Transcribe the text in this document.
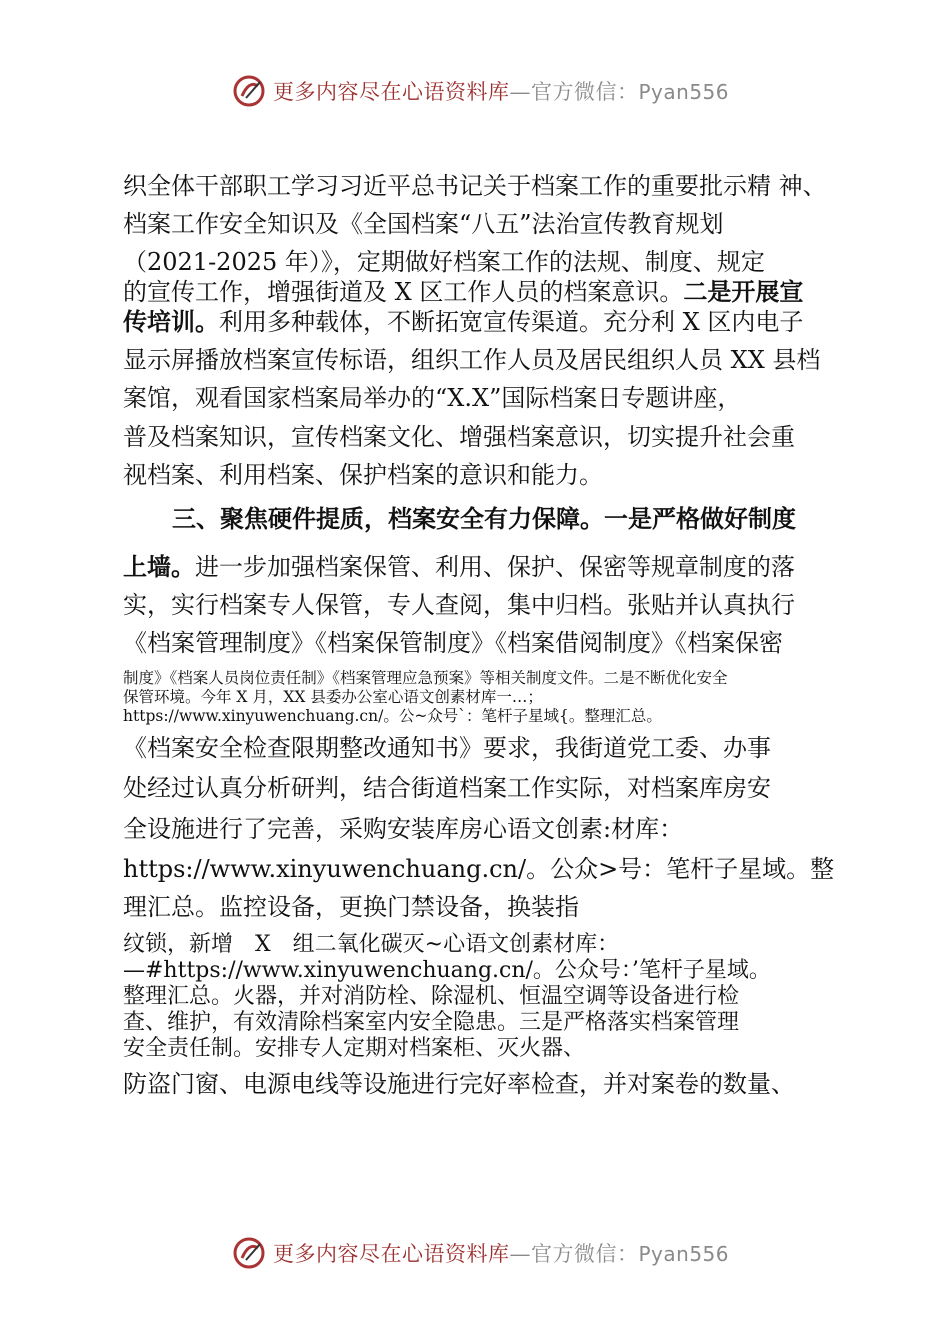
更多内容尽在心语资料库—官方微信：Pyan556
织全体干部职工学习习近平总书记关于档案工作的重要批示精 神、
档案工作安全知识及《全国档案“八五”法治宣传教育规划
（2021-2025 年）》，定期做好档案工作的法规、制度、规定
的宣传工作，增强街道及 X 区工作人员的档案意识。二是开展宣
传培训。利用多种载体，不断拓宽宣传渠道。充分利 X 区内电子
显示屏播放档案宣传标语，组织工作人员及居民组织人员 XX 县档
案馆，观看国家档案局举办的“X.X”国际档案日专题讲座，
普及档案知识，宣传档案文化、增强档案意识，切实提升社会重
视档案、利用档案、保护档案的意识和能力。
三、聚焦硬件提质，档案安全有力保障。一是严格做好制度
上墙。进一步加强档案保管、利用、保护、保密等规章制度的落
实，实行档案专人保管，专人查阅，集中归档。张贴并认真执行
《档案管理制度》《档案保管制度》《档案借阅制度》《档案保密
制度》《档案人员岗位责任制》《档案管理应急预案》等相关制度文件。二是不断优化安全
保管环境。今年 X 月，XX 县委办公室心语文创素材库一…；
https://www.xinyuwenchuang.cn/。公~众号`：笔杆子星域{。整理汇总。
《档案安全检查限期整改通知书》要求，我街道党工委、办事
处经过认真分析研判，结合街道档案工作实际，对档案库房安
全设施进行了完善，采购安装库房心语文创素:材库：
https://www.xinyuwenchuang.cn/。公众>号：笔杆子星域。整
理汇总。监控设备，更换门禁设备，换装指
纹锁，新增　X　组二氧化碳灭~心语文创素材库：
—#https://www.xinyuwenchuang.cn/。公众号：’笔杆子星域。
整理汇总。火器，并对消防栓、除湿机、恒温空调等设备进行检
查、维护，有效清除档案室内安全隐患。三是严格落实档案管理
安全责任制。安排专人定期对档案柜、灭火器、
防盗门窗、电源电线等设施进行完好率检查，并对案卷的数量、
更多内容尽在心语资料库—官方微信：Pyan556
